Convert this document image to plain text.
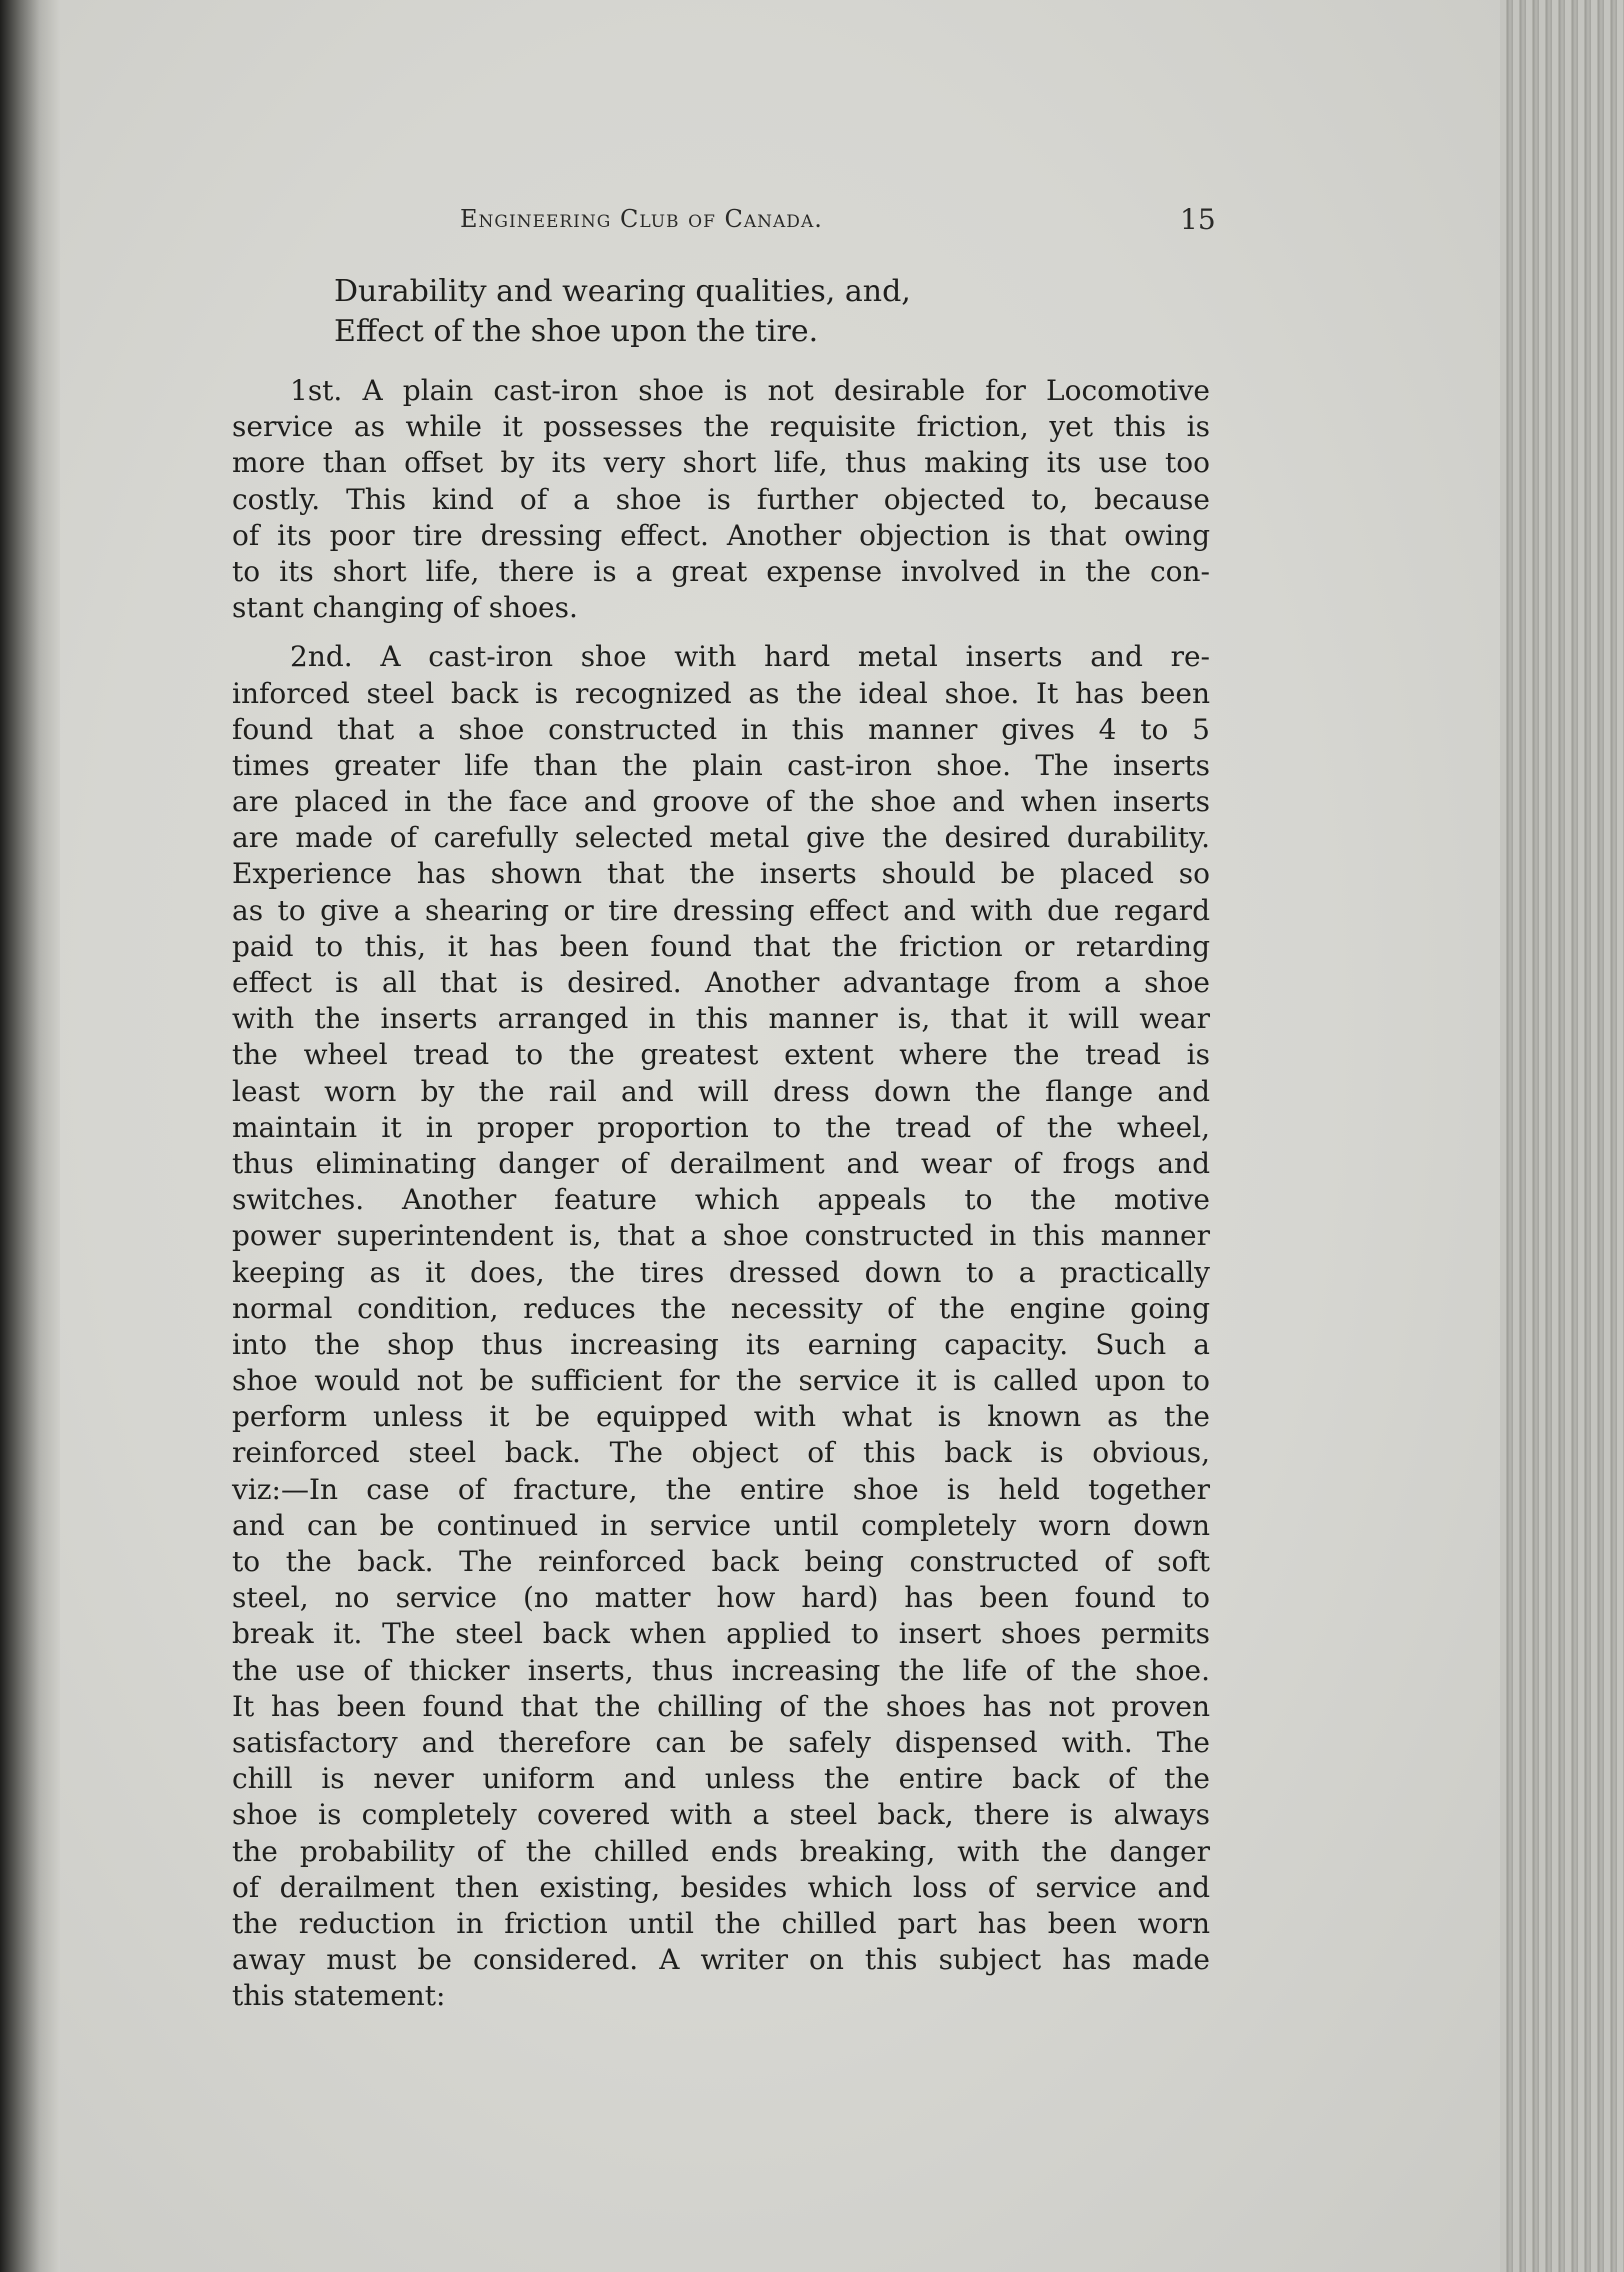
Engineering Club of Canada.	15
Durability and wearing qualities, and,
Effect of the shoe upon the tire.
1st. A plain cast-iron shoe is not desirable for Locomotive
service as while it possesses the requisite friction, yet this is
more than offset by its very short life, thus making its use too
costly. This kind of a shoe is further objected to, because
of its poor tire dressing effect. Another objection is that owing
to its short life, there is a great expense involved in the con-
stant changing of shoes.
2nd. A cast-iron shoe with hard metal inserts and re-
inforced steel back is recognized as the ideal shoe. It has been
found that a shoe constructed in this manner gives 4 to 5
times greater life than the plain cast-iron shoe. The inserts
are placed in the face and groove of the shoe and when inserts
are made of carefully selected metal give the desired durability.
Experience has shown that the inserts should be placed so
as to give a shearing or tire dressing effect and with due regard
paid to this, it has been found that the friction or retarding
effect is all that is desired. Another advantage from a shoe
with the inserts arranged in this manner is, that it will wear
the wheel tread to the greatest extent where the tread is
least worn by the rail and will dress down the flange and
maintain it in proper proportion to the tread of the wheel,
thus eliminating danger of derailment and wear of frogs and
switches. Another feature which appeals to the motive
power superintendent is, that a shoe constructed in this manner
keeping as it does, the tires dressed down to a practically
normal condition, reduces the necessity of the engine going
into the shop thus increasing its earning capacity. Such a
shoe would not be sufficient for the service it is called upon to
perform unless it be equipped with what is known as the
reinforced steel back. The object of this back is obvious,
viz:—In case of fracture, the entire shoe is held together
and can be continued in service until completely worn down
to the back. The reinforced back being constructed of soft
steel, no service (no matter how hard) has been found to
break it. The steel back when applied to insert shoes permits
the use of thicker inserts, thus increasing the life of the shoe.
It has been found that the chilling of the shoes has not proven
satisfactory and therefore can be safely dispensed with. The
chill is never uniform and unless the entire back of the
shoe is completely covered with a steel back, there is always
the probability of the chilled ends breaking, with the danger
of derailment then existing, besides which loss of service and
the reduction in friction until the chilled part has been worn
away must be considered. A writer on this subject has made
this statement:
